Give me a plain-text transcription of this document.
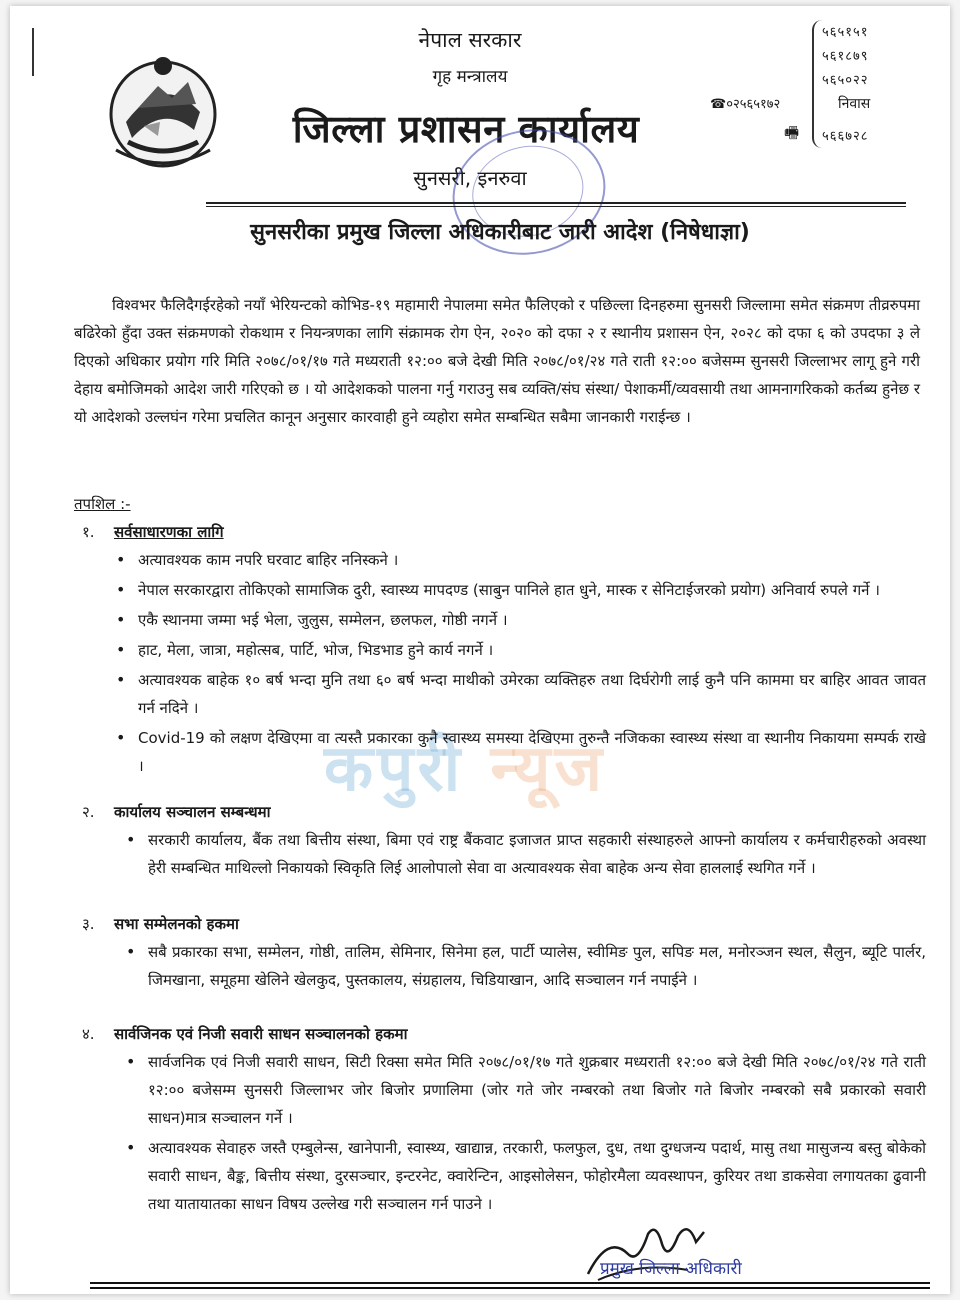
नेपाल सरकार
गृह मन्त्रालय
जिल्ला प्रशासन कार्यालय
सुनसरी, इनरुवा
५६५१५१
५६१८७९
५६५०२२
५६६७२८
☎०२५६५१७२	निवास
🖷
सुनसरीका प्रमुख जिल्ला अधिकारीबाट जारी आदेश (निषेधाज्ञा)

विश्वभर फैलिदैगईरहेको नयाँ भेरियन्टको कोभिड-१९ महामारी नेपालमा समेत फैलिएको र पछिल्ला दिनहरुमा सुनसरी जिल्लामा समेत संक्रमण तीव्ररुपमा बढिरेको हुँदा उक्त संक्रमणको रोकथाम र नियन्त्रणका लागि संक्रामक रोग ऐन, २०२० को दफा २ र स्थानीय प्रशासन ऐन, २०२८ को दफा ६ को उपदफा ३ ले दिएको अधिकार प्रयोग गरि मिति २०७८/०१/१७ गते मध्यराती १२:०० बजे देखी मिति २०७८/०१/२४ गते राती १२:०० बजेसम्म सुनसरी जिल्लाभर लागू हुने गरी देहाय बमोजिमको आदेश जारी गरिएको छ । यो आदेशकको पालना गर्नु गराउनु सब व्यक्ति/संघ संस्था/ पेशाकर्मी/व्यवसायी तथा आमनागरिकको कर्तब्य हुनेछ र यो आदेशको उल्लघंन गरेमा प्रचलित कानून अनुसार कारवाही हुने व्यहोरा समेत सम्बन्धित सबैमा जानकारी गराईन्छ ।

तपशिल :-
कपुरी न्यूज
१. सर्वसाधारणका लागि
• अत्यावश्यक काम नपरि घरवाट बाहिर ननिस्कने ।
• नेपाल सरकारद्वारा तोकिएको सामाजिक दुरी, स्वास्थ्य मापदण्ड (साबुन पानिले हात धुने, मास्क र सेनिटाईजरको प्रयोग) अनिवार्य रुपले गर्ने ।
• एकै स्थानमा जम्मा भई भेला, जुलुस, सम्मेलन, छलफल, गोष्ठी नगर्ने ।
• हाट, मेला, जात्रा, महोत्सब, पार्टि, भोज, भिडभाड हुने कार्य नगर्ने ।
• अत्यावश्यक बाहेक १० बर्ष भन्दा मुनि तथा ६० बर्ष भन्दा माथीको उमेरका व्यक्तिहरु तथा दिर्घरोगी लाई कुनै पनि काममा घर बाहिर आवत जावत गर्न नदिने ।
• Covid-19 को लक्षण देखिएमा वा त्यस्तै प्रकारका कुनै स्वास्थ्य समस्या देखिएमा तुरुन्तै नजिकका स्वास्थ्य संस्था वा स्थानीय निकायमा सम्पर्क राखे ।
२. कार्यालय सञ्चालन सम्बन्धमा
• सरकारी कार्यालय, बैंक तथा बित्तीय संस्था, बिमा एवं राष्ट्र बैंकवाट इजाजत प्राप्त सहकारी संस्थाहरुले आफ्नो कार्यालय र कर्मचारीहरुको अवस्था हेरी सम्बन्धित माथिल्लो निकायको स्विकृति लिई आलोपालो सेवा वा अत्यावश्यक सेवा बाहेक अन्य सेवा हाललाई स्थगित गर्ने ।
३. सभा सम्मेलनको हकमा
• सबै प्रकारका सभा, सम्मेलन, गोष्ठी, तालिम, सेमिनार, सिनेमा हल, पार्टी प्यालेस, स्वीमिङ पुल, सपिङ मल, मनोरञ्जन स्थल, सैलुन, ब्यूटि पार्लर, जिमखाना, समूहमा खेलिने खेलकुद, पुस्तकालय, संग्रहालय, चिडियाखान, आदि सञ्चालन गर्न नपाईने ।
४. सार्वजिनक एवं निजी सवारी साधन सञ्चालनको हकमा
• सार्वजनिक एवं निजी सवारी साधन, सिटी रिक्सा समेत मिति २०७८/०१/१७ गते शुक्रबार मध्यराती १२:०० बजे देखी मिति २०७८/०१/२४ गते राती १२:०० बजेसम्म सुनसरी जिल्लाभर जोर बिजोर प्रणालिमा (जोर गते जोर नम्बरको तथा बिजोर गते बिजोर नम्बरको सबै प्रकारको सवारी साधन)मात्र सञ्चालन गर्ने ।
• अत्यावश्यक सेवाहरु जस्तै एम्बुलेन्स, खानेपानी, स्वास्थ्य, खाद्यान्न, तरकारी, फलफुल, दुध, तथा दुग्धजन्य पदार्थ, मासु तथा मासुजन्य बस्तु बोकेको सवारी साधन, बैङ्क, बित्तीय संस्था, दुरसञ्चार, इन्टरनेट, क्वारेन्टिन, आइसोलेसन, फोहोरमैला व्यवस्थापन, कुरियर तथा डाकसेवा लगायतका ढुवानी तथा यातायातका साधन विषय उल्लेख गरी सञ्चालन गर्न पाउने ।
प्रमुख जिल्ला अधिकारी
